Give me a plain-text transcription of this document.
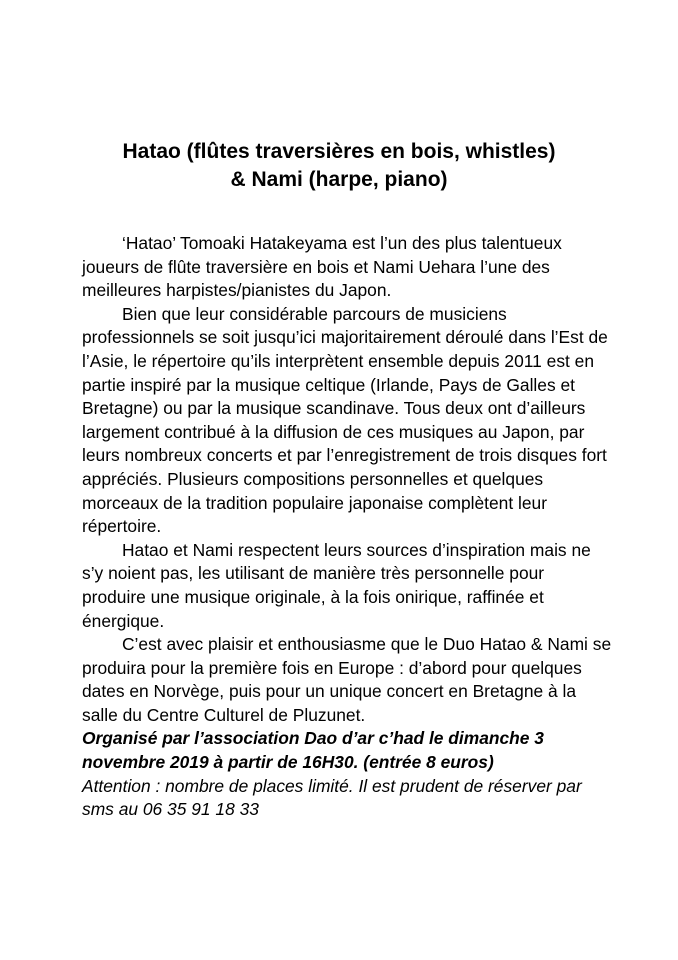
Hatao (flûtes traversières en bois, whistles)
& Nami (harpe, piano)

‘Hatao’ Tomoaki Hatakeyama est l’un des plus talentueux joueurs de flûte traversière en bois et Nami Uehara l’une des meilleures harpistes/pianistes du Japon.

Bien que leur considérable parcours de musiciens professionnels se soit jusqu’ici majoritairement déroulé dans l’Est de l’Asie, le répertoire qu’ils interprètent ensemble depuis 2011 est en partie inspiré par la musique celtique (Irlande, Pays de Galles et Bretagne) ou par la musique scandinave. Tous deux ont d’ailleurs largement contribué à la diffusion de ces musiques au Japon, par leurs nombreux concerts et par l’enregistrement de trois disques fort appréciés. Plusieurs compositions personnelles et quelques morceaux de la tradition populaire japonaise complètent leur répertoire.

Hatao et Nami respectent leurs sources d’inspiration mais ne s’y noient pas, les utilisant de manière très personnelle pour produire une musique originale, à la fois onirique, raffinée et énergique.

C’est avec plaisir et enthousiasme que le Duo Hatao & Nami se produira pour la première fois en Europe : d’abord pour quelques dates en Norvège, puis pour un unique concert en Bretagne à la salle du Centre Culturel de Pluzunet.

Organisé par l’association Dao d’ar c’had le dimanche 3 novembre 2019 à partir de 16H30. (entrée 8 euros)

Attention : nombre de places limité. Il est prudent de réserver par sms au 06 35 91 18 33
